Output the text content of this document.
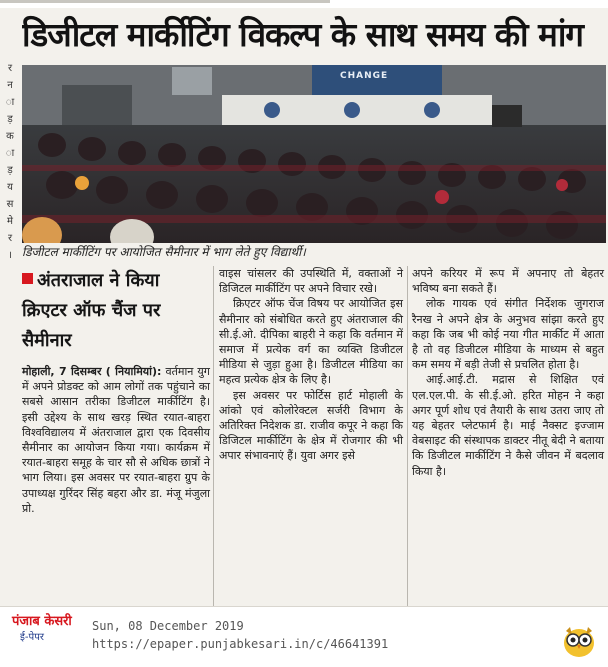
डिजीटल मार्कीटिंग विकल्प के साथ समय की मांग
र
न
ा
ड़
क
ा
ड़
य
स
मे
र
।
CHANGE
डिजीटल मार्कीटिंग पर आयोजित सैमीनार में भाग लेते हुए विद्यार्थी।
अंतराजाल ने किया क्रिएटर ऑफ चैंज पर सैमीनार

मोहाली, 7 दिसम्बर ( नियामियां): वर्तमान युग में अपने प्रोडक्ट को आम लोगों तक पहुंचाने का सबसे आसान तरीका डिजीटल मार्कीटिंग है। इसी उद्देश्य के साथ खरड़ स्थित रयात-बाहरा विश्वविद्यालय में अंतराजाल द्वारा एक दिवसीय सैमीनार का आयोजन किया गया। कार्यक्रम में रयात-बाहरा समूह के चार सौ से अधिक छात्रों ने भाग लिया। इस अवसर पर रयात-बाहरा ग्रुप के उपाध्यक्ष गुरिंदर सिंह बहरा और डा. मंजू मंजुला प्रो.

वाइस चांसलर की उपस्थिति में, वक्ताओं ने डिजिटल मार्कीटिंग पर अपने विचार रखे।

क्रिएटर ऑफ चेंज विषय पर आयोजित इस सैमीनार को संबोधित करते हुए अंतराजाल की सी.ई.ओ. दीपिका बाहरी ने कहा कि वर्तमान में समाज में प्रत्येक वर्ग का व्यक्ति डिजीटल मीडिया से जुड़ा हुआ है। डिजीटल मीडिया का महत्व प्रत्येक क्षेत्र के लिए है।

इस अवसर पर फोर्टिस हार्ट मोहाली के आंको एवं कोलोरेक्टल सर्जरी विभाग के अतिरिक्त निदेशक डा. राजीव कपूर ने कहा कि डिजिटल मार्कीटिंग के क्षेत्र में रोजगार की भी अपार संभावनाएं हैं। युवा अगर इसे

अपने करियर में रूप में अपनाए तो बेहतर भविष्य बना सकते हैं।

लोक गायक एवं संगीत निर्देशक जुगराज रैनख ने अपने क्षेत्र के अनुभव सांझा करते हुए कहा कि जब भी कोई नया गीत मार्कीट में आता है तो वह डिजीटल मीडिया के माध्यम से बहुत कम समय में बड़ी तेजी से प्रचलित होता है।

आई.आई.टी. मद्रास से शिक्षित एवं एल.एल.पी. के सी.ई.ओ. हरित मोहन ने कहा अगर पूर्ण शोध एवं तैयारी के साथ उतरा जाए तो यह बेहतर प्लेटफार्म है। माई नैक्सट इज्जाम वेबसाइट की संस्थापक डाक्टर नीतू बेदी ने बताया कि डिजीटल मार्कीटिंग ने कैसे जीवन में बदलाव किया है।

पंजाब केसरी
ई-पेपर
Sun, 08 December 2019
https://epaper.punjabkesari.in/c/46641391
